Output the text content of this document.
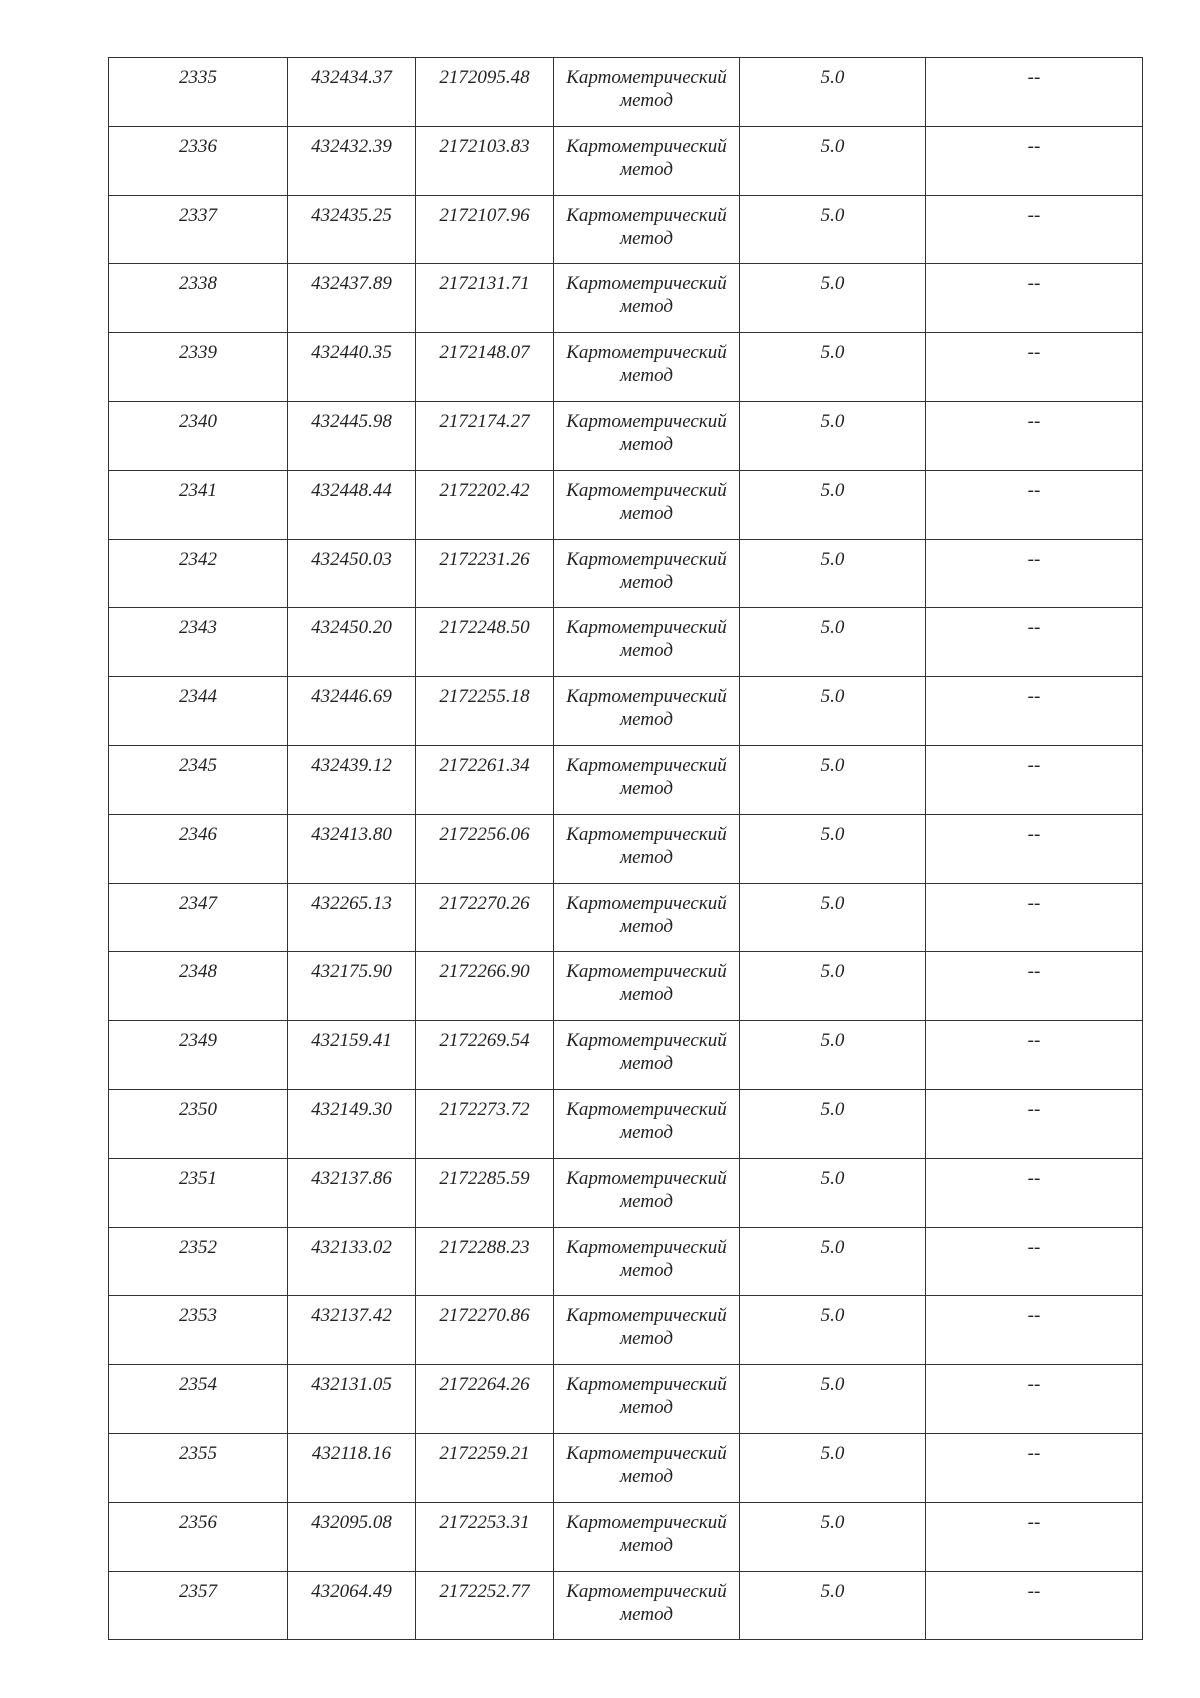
2335	432434.37	2172095.48	Картометрический метод	5.0	--
2336	432432.39	2172103.83	Картометрический метод	5.0	--
2337	432435.25	2172107.96	Картометрический метод	5.0	--
2338	432437.89	2172131.71	Картометрический метод	5.0	--
2339	432440.35	2172148.07	Картометрический метод	5.0	--
2340	432445.98	2172174.27	Картометрический метод	5.0	--
2341	432448.44	2172202.42	Картометрический метод	5.0	--
2342	432450.03	2172231.26	Картометрический метод	5.0	--
2343	432450.20	2172248.50	Картометрический метод	5.0	--
2344	432446.69	2172255.18	Картометрический метод	5.0	--
2345	432439.12	2172261.34	Картометрический метод	5.0	--
2346	432413.80	2172256.06	Картометрический метод	5.0	--
2347	432265.13	2172270.26	Картометрический метод	5.0	--
2348	432175.90	2172266.90	Картометрический метод	5.0	--
2349	432159.41	2172269.54	Картометрический метод	5.0	--
2350	432149.30	2172273.72	Картометрический метод	5.0	--
2351	432137.86	2172285.59	Картометрический метод	5.0	--
2352	432133.02	2172288.23	Картометрический метод	5.0	--
2353	432137.42	2172270.86	Картометрический метод	5.0	--
2354	432131.05	2172264.26	Картометрический метод	5.0	--
2355	432118.16	2172259.21	Картометрический метод	5.0	--
2356	432095.08	2172253.31	Картометрический метод	5.0	--
2357	432064.49	2172252.77	Картометрический метод	5.0	--
